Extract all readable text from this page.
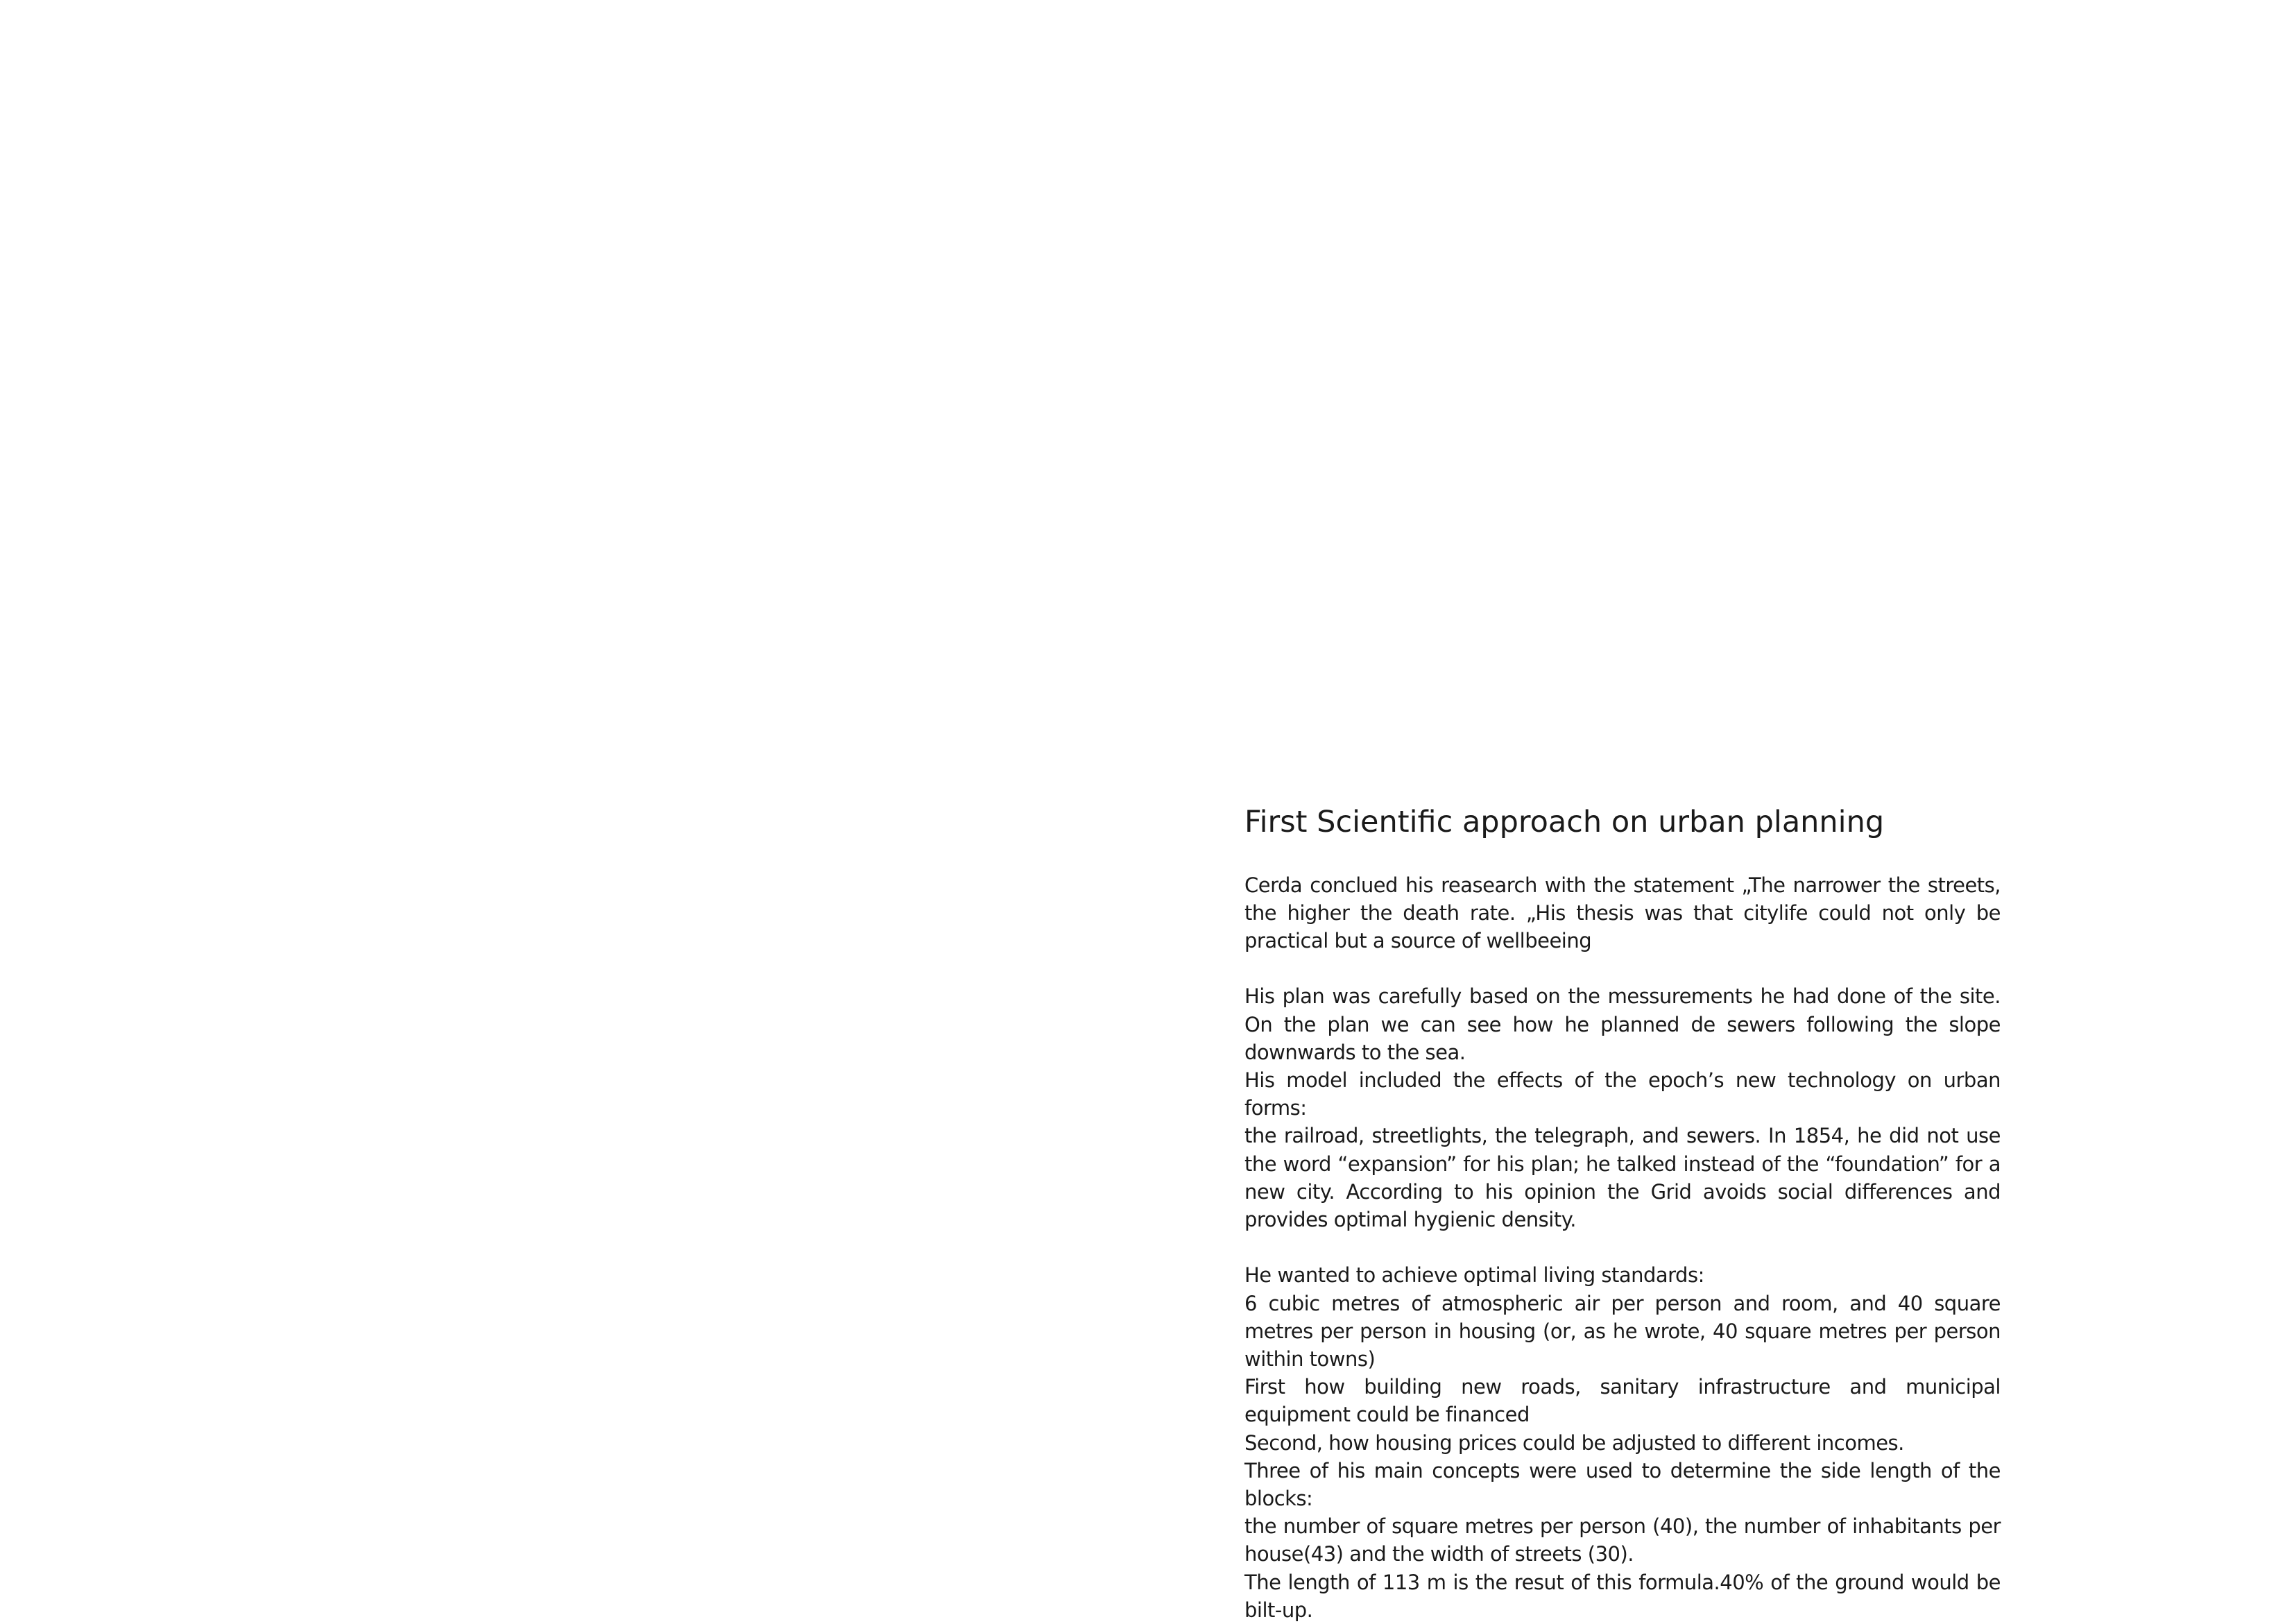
First Scientific approach on urban planning
Cerda conclued his reasearch with the statement „The narrower the streets, the higher the death rate. „His thesis was that citylife could not only be practical but a source of wellbeeing
His plan was carefully based on the messurements he had done of the site. On the plan we can see how he planned de sewers following the slope downwards to the sea.
His model included the effects of the epoch’s new technology on urban forms:
the railroad, streetlights, the telegraph, and sewers. In 1854, he did not use the word “expansion” for his plan; he talked instead of the “foundation” for a new city. According to his opinion the Grid avoids social differences and provides optimal hygienic density.
He wanted to achieve optimal living standards:
6 cubic metres of atmospheric air per person and room, and 40 square metres per person in housing (or, as he wrote, 40 square metres per person within towns)
First how building new roads, sanitary infrastructure and municipal equipment could be financed
Second, how housing prices could be adjusted to different incomes.
Three of his main concepts were used to determine the side length of the blocks:
the number of square metres per person (40), the number of inhabitants per house(43) and the width of streets (30).
The length of 113 m is the resut of this formula.40% of the ground would be bilt-up.
